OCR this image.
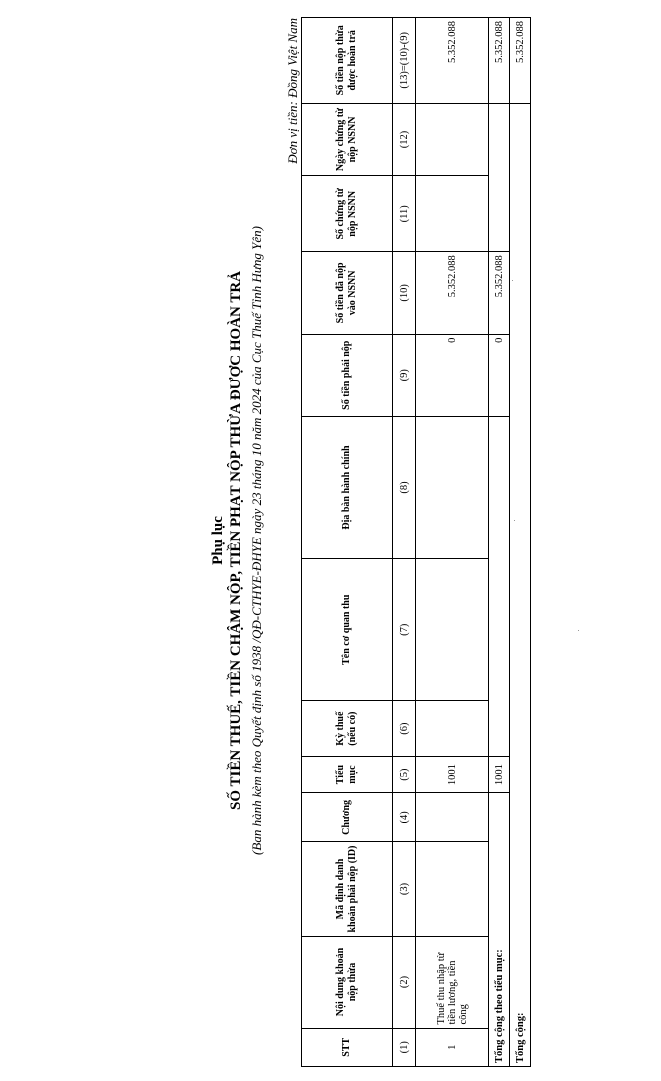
Phụ lục SỐ TIỀN THUẾ, TIỀN CHẬM NỘP, TIỀN PHẠT NỘP THỪA ĐƯỢC HOÀN TRẢ (Ban hành kèm theo Quyết định số 1938 /QĐ-CTHYE-ĐHYE ngày 23 tháng 10 năm 2024 của Cục Thuế Tỉnh Hưng Yên)
Đơn vị tiền: Đồng Việt Nam
STT	Nội dung khoản nộp thừa	Mã định danh khoản phải nộp (ID)	Chương	Tiểu mục	Kỳ thuế (nếu có)	Tên cơ quan thu	Địa bàn hành chính	Số tiền phải nộp	Số tiền đã nộp vào NSNN	Số chứng từ nộp NSNN	Ngày chứng từ nộp NSNN	Số tiền nộp thừa được hoàn trả
(1)	(2)	(3)	(4)	(5)	(6)	(7)	(8)	(9)	(10)	(11)	(12)	(13)=(10)-(9)
1	Thuế thu nhập từ tiền lương, tiền công			1001				0	5.352.088			5.352.088
Tổng cộng theo tiểu mục:				1001				0	5.352.088			5.352.088
Tổng cộng:												5.352.088
